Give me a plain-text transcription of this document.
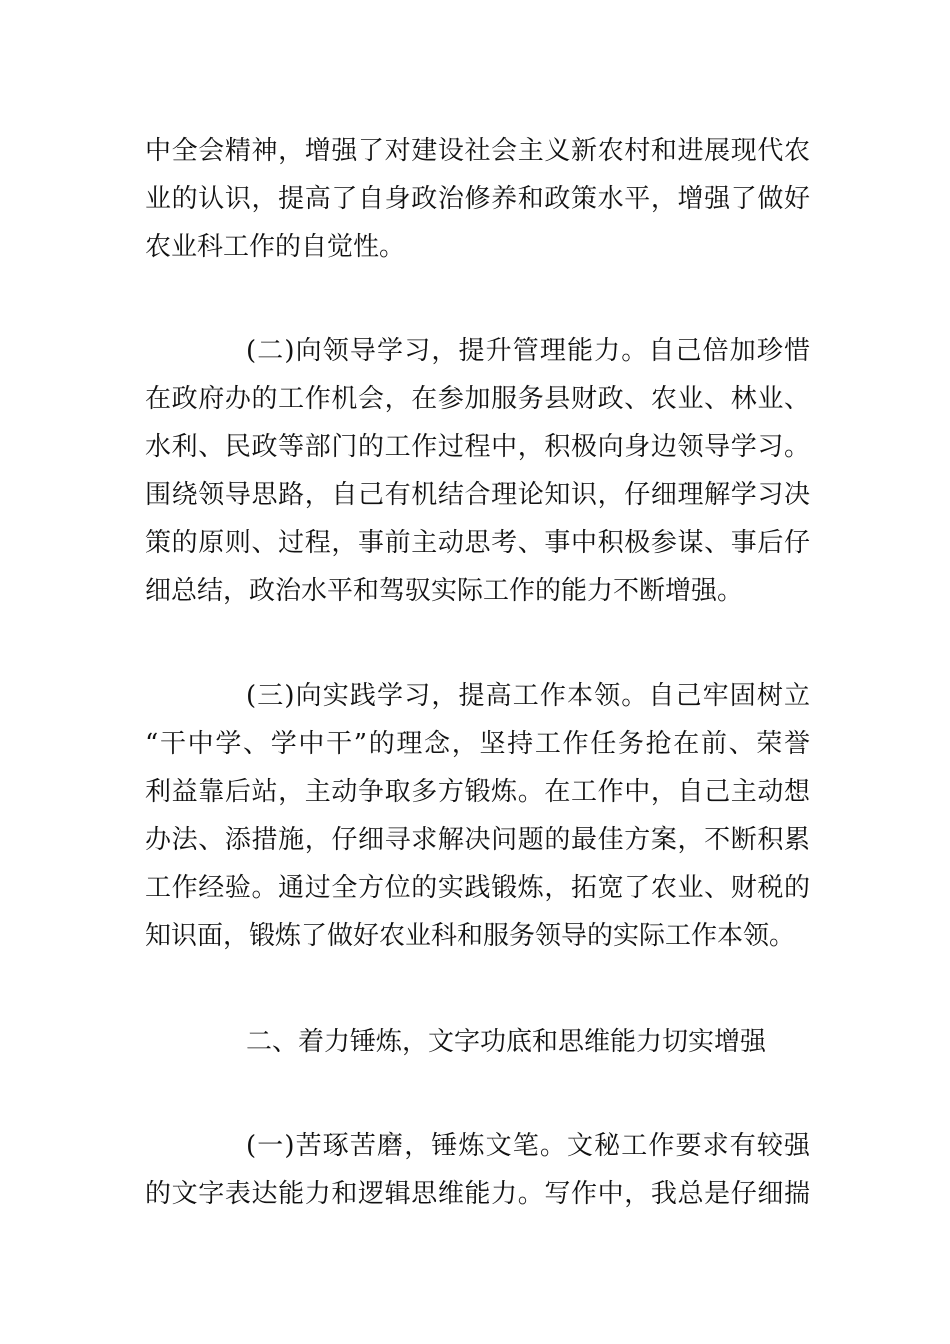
中全会精神，增强了对建设社会主义新农村和进展现代农
业的认识，提高了自身政治修养和政策水平，增强了做好
农业科工作的自觉性。
(二)向领导学习，提升管理能力。自己倍加珍惜
在政府办的工作机会，在参加服务县财政、农业、林业、
水利、民政等部门的工作过程中，积极向身边领导学习。
围绕领导思路，自己有机结合理论知识，仔细理解学习决
策的原则、过程，事前主动思考、事中积极参谋、事后仔
细总结，政治水平和驾驭实际工作的能力不断增强。
(三)向实践学习，提高工作本领。自己牢固树立
“干中学、学中干”的理念，坚持工作任务抢在前、荣誉
利益靠后站，主动争取多方锻炼。在工作中，自己主动想
办法、添措施，仔细寻求解决问题的最佳方案，不断积累
工作经验。通过全方位的实践锻炼，拓宽了农业、财税的
知识面，锻炼了做好农业科和服务领导的实际工作本领。
二、着力锤炼，文字功底和思维能力切实增强
(一)苦琢苦磨，锤炼文笔。文秘工作要求有较强
的文字表达能力和逻辑思维能力。写作中，我总是仔细揣
